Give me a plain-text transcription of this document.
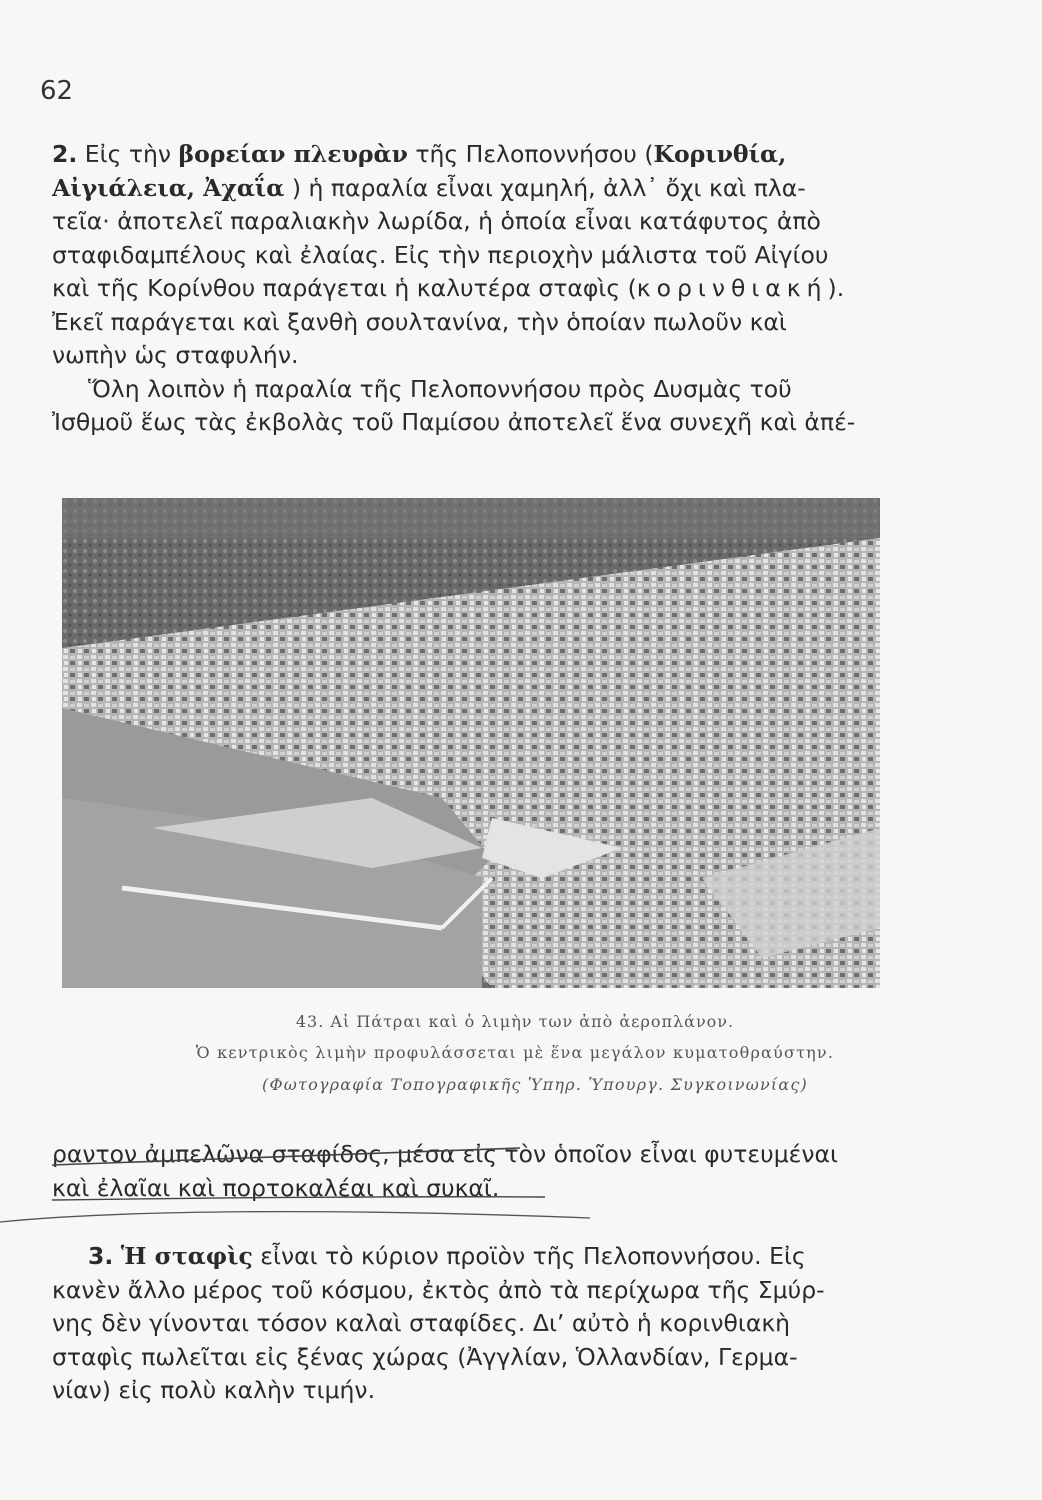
62

2. Εἰς τὴν βορείαν πλευρὰν τῆς Πελοποννήσου (Κορινθία,
Αἰγιάλεια, Ἀχαΐα ) ἡ παραλία εἶναι χαμηλή, ἀλλ᾽ ὄχι καὶ πλα-
τεῖα· ἀποτελεῖ παραλιακὴν λωρίδα, ἡ ὁποία εἶναι κατάφυτος ἀπὸ
σταφιδαμπέλους καὶ ἐλαίας. Εἰς τὴν περιοχὴν μάλιστα τοῦ Αἰγίου
καὶ τῆς Κορίνθου παράγεται ἡ καλυτέρα σταφὶς (κορινθιακή).
Ἐκεῖ παράγεται καὶ ξανθὴ σουλτανίνα, τὴν ὁποίαν πωλοῦν καὶ
νωπὴν ὡς σταφυλήν.
Ὅλη λοιπὸν ἡ παραλία τῆς Πελοποννήσου πρὸς Δυσμὰς τοῦ
Ἰσθμοῦ ἕως τὰς ἐκβολὰς τοῦ Παμίσου ἀποτελεῖ ἕνα συνεχῆ καὶ ἀπέ-

43. Αἱ Πάτραι καὶ ὁ λιμὴν των ἀπὸ ἀεροπλάνον.
Ὁ κεντρικὸς λιμὴν προφυλάσσεται μὲ ἕνα μεγάλον κυματοθραύστην.
(Φωτογραφία Τοπογραφικῆς Ὑπηρ. Ὑπουργ. Συγκοινωνίας)

ραντον ἀμπελῶνα σταφίδος, μέσα εἰς τὸν ὁποῖον εἶναι φυτευμέναι
καὶ ἐλαῖαι καὶ πορτοκαλέαι καὶ συκαῖ.

3. Ἡ σταφὶς εἶναι τὸ κύριον προϊὸν τῆς Πελοποννήσου. Εἰς
κανὲν ἄλλο μέρος τοῦ κόσμου, ἐκτὸς ἀπὸ τὰ περίχωρα τῆς Σμύρ-
νης δὲν γίνονται τόσον καλαὶ σταφίδες. Διʼ αὐτὸ ἡ κορινθιακὴ
σταφὶς πωλεῖται εἰς ξένας χώρας (Ἀγγλίαν, Ὁλλανδίαν, Γερμα-
νίαν) εἰς πολὺ καλὴν τιμήν.
